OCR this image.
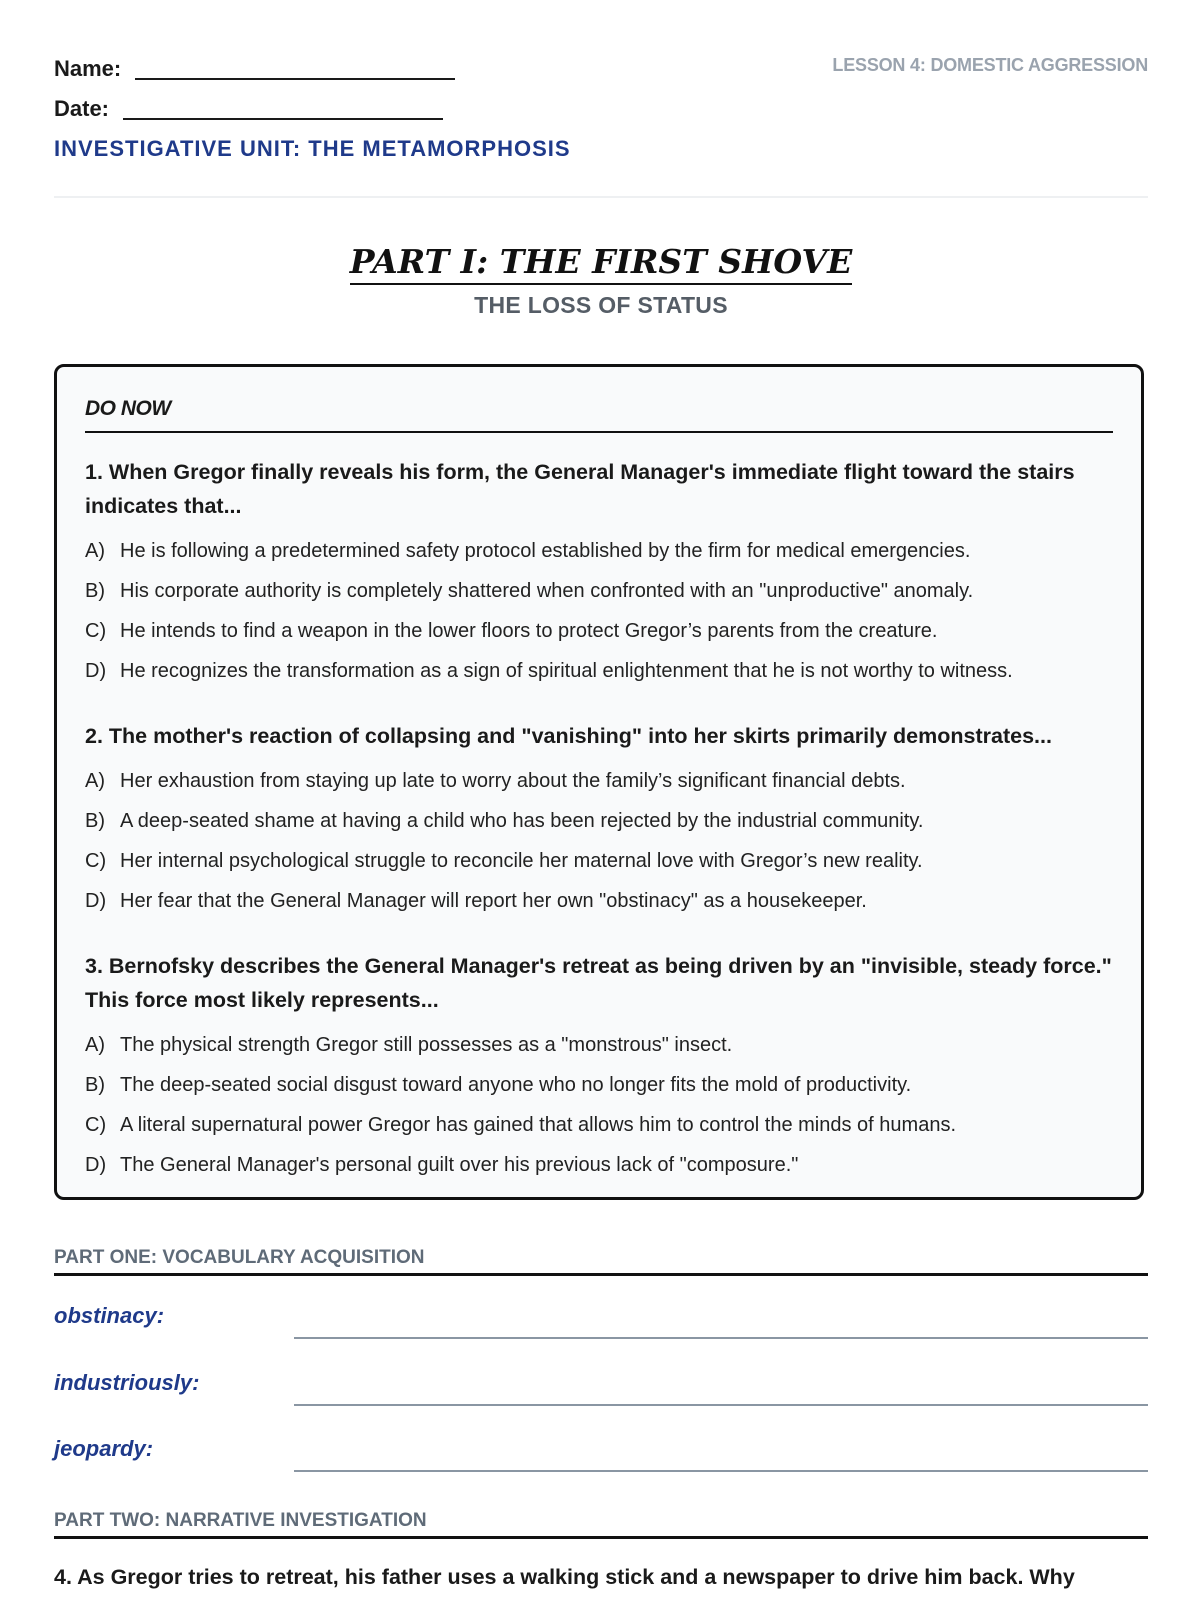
Name:
Date:
INVESTIGATIVE UNIT: THE METAMORPHOSIS
LESSON 4: DOMESTIC AGGRESSION
PART I: THE FIRST SHOVE
THE LOSS OF STATUS
DO NOW
1. When Gregor finally reveals his form, the General Manager's immediate flight toward the stairs indicates that...
A) He is following a predetermined safety protocol established by the firm for medical emergencies.
B) His corporate authority is completely shattered when confronted with an "unproductive" anomaly.
C) He intends to find a weapon in the lower floors to protect Gregor’s parents from the creature.
D) He recognizes the transformation as a sign of spiritual enlightenment that he is not worthy to witness.
2. The mother's reaction of collapsing and "vanishing" into her skirts primarily demonstrates...
A) Her exhaustion from staying up late to worry about the family’s significant financial debts.
B) A deep-seated shame at having a child who has been rejected by the industrial community.
C) Her internal psychological struggle to reconcile her maternal love with Gregor’s new reality.
D) Her fear that the General Manager will report her own "obstinacy" as a housekeeper.
3. Bernofsky describes the General Manager's retreat as being driven by an "invisible, steady force." This force most likely represents...
A) The physical strength Gregor still possesses as a "monstrous" insect.
B) The deep-seated social disgust toward anyone who no longer fits the mold of productivity.
C) A literal supernatural power Gregor has gained that allows him to control the minds of humans.
D) The General Manager's personal guilt over his previous lack of "composure."
PART ONE: VOCABULARY ACQUISITION
obstinacy:
industriously:
jeopardy:
PART TWO: NARRATIVE INVESTIGATION
4. As Gregor tries to retreat, his father uses a walking stick and a newspaper to drive him back. Why
